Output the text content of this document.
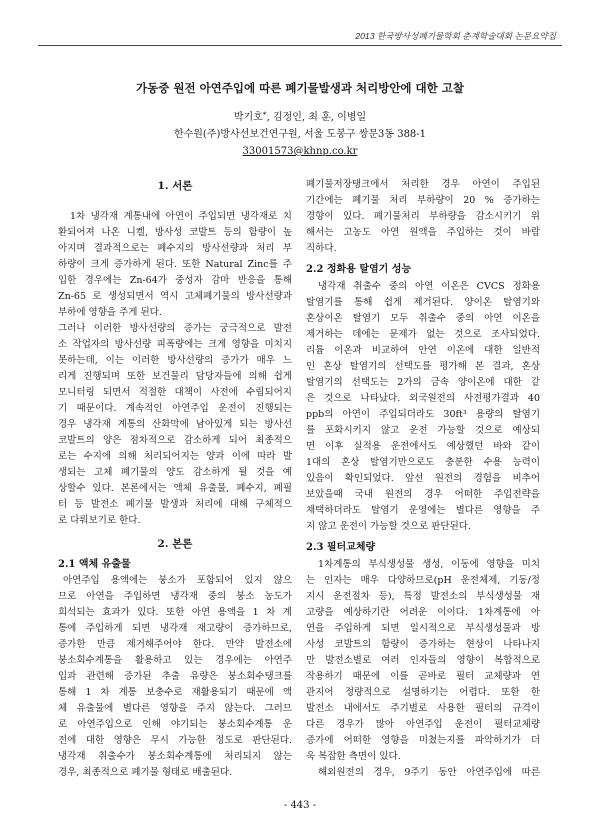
2013 한국방사성폐기물학회 춘계학술대회 논문요약집
가동중 원전 아연주입에 따른 폐기물발생과 처리방안에 대한 고찰
박기호*, 김정인, 최 훈, 이병일
한수원(주)방사선보건연구원, 서울 도봉구 쌍문3동 388-1
33001573@khnp.co.kr
1. 서론
1차 냉각재 계통내에 아연이 주입되면 냉각재로 치
환되어져 나온 니켈, 방사성 코발트 등의 함량이 높
아지며 결과적으로는 폐수지의 방사선량과 처리 부
하량이 크게 증가하게 된다. 또한 Natural Zinc를 주
입한 경우에는 Zn-64가 중성자 감마 반응을 통해
Zn-65 로 생성되면서 역시 고체폐기물의 방사선량과
부하에 영향을 주게 된다.
그러나 이러한 방사선량의 증가는 궁극적으로 발전
소 작업자의 방사선량 피폭량에는 크게 영향을 미치지
못하는데, 이는 이러한 방사선량의 증가가 매우 느
리게 진행되며 또한 보건물리 담당자들에 의해 쉽게
모니터링 되면서 적절한 대책이 사전에 수립되어지
기 때문이다. 계속적인 아연주입 운전이 진행되는
경우 냉각재 계통의 산화막에 남아있게 되는 방사선
코발트의 양은 점차적으로 감소하게 되어 최종적으
로는 수지에 의해 처리되어지는 양과 이에 따라 발
생되는 고체 폐기물의 양도 감소하게 될 것을 예
상할수 있다. 본론에서는 액체 유출물, 폐수지, 폐필
터 등 발전소 폐기물 발생과 처리에 대해 구체적으
로 다뤄보기로 한다.
2. 본론
2.1 액체 유출물
아연주입 용액에는 붕소가 포함되어 있지 않으
므로 아연을 주입하면 냉각재 중의 붕소 농도가
희석되는 효과가 있다. 또한 아연 용액을 1 차 계
통에 주입하게 되면 냉각재 재고량이 증가하므로,
증가한 만큼 제거해주어야 한다. 만약 발전소에
붕소회수계통을 활용하고 있는 경우에는 아연주
입과 관련해 증가된 추출 유량은 붕소회수탱크를
통해 1 차 계통 보충수로 재활용되기 때문에 액
체 유출물에 별다른 영향을 주지 않는다. 그러므
로 아연주입으로 인해 야기되는 붕소회수계통 운
전에 대한 영향은 무시 가능한 정도로 판단된다.
냉각재 취출수가 붕소회수계통에 처리되지 않는
경우, 최종적으로 폐기물 형태로 배출된다.
폐기물저장탱크에서 처리한 경우 아연이 주입된
기간에는 폐기물 처리 부하량이 20 % 증가하는
경향이 있다. 폐기물처리 부하량을 감소시키기 위
해서는 고농도 아연 원액을 주입하는 것이 바람
직하다.
2.2 정화용 탈염기 성능
냉각재 취출수 중의 아연 이온은 CVCS 정화용
탈염기를 통해 쉽게 제거된다. 양이온 탈염기와
혼상이온 탈염기 모두 취출수 중의 아연 이온을
제거하는 데에는 문제가 없는 것으로 조사되었다.
리튬 이온과 비교하여 안연 이온에 대한 일반적
인 혼상 탈염기의 선택도를 평가해 본 결과, 혼상
탈염기의 선택도는 2가의 금속 양이온에 대한 같
은 것으로 나타났다. 외국원전의 사전평가결과 40
ppb의 아연이 주입되더라도 30ft³ 용량의 탈염기
를 포화시키지 않고 운전 가능할 것으로 예상되
면 이후 실적용 운전에서도 예상했던 바와 같이
1대의 혼상 탈염기만으로도 충분한 수용 능력이
있음이 확인되었다. 앞선 원전의 경험을 비추어
보았을때 국내 원전의 경우 어떠한 주입전략을
채택하더라도 탈염기 운영에는 별다른 영향을 주
지 않고 운전이 가능할 것으로 판단된다.
2.3 필터교체량
1차계통의 부식생성물 생성, 이동에 영향을 미치
는 인자는 매우 다양하므로(pH 운전체제, 기동/정
지시 운전절차 등), 특정 발전소의 부식생성물 재
고량을 예상하기란 어려운 이이다. 1차계통에 아
연을 주입하게 되면 일시적으로 부식생성물과 방
사성 코발트의 함량이 증가하는 현상이 나타나지
만 발전소별로 여러 인자들의 영향이 복합적으로
작용하기 때문에 이를 곧바로 필터 교체량과 연
관지어 정량적으로 설명하기는 어렵다. 또한 한
발전소 내에서도 주기별로 사용한 필터의 규격이
다른 경우가 많아 아연주입 운전이 필터교체량
증가에 어떠한 영향을 미쳤는지를 파악하기가 더
욱 복잡한 측면이 있다.
해외원전의 경우, 9주기 동안 아연주입에 따른
- 443 -
